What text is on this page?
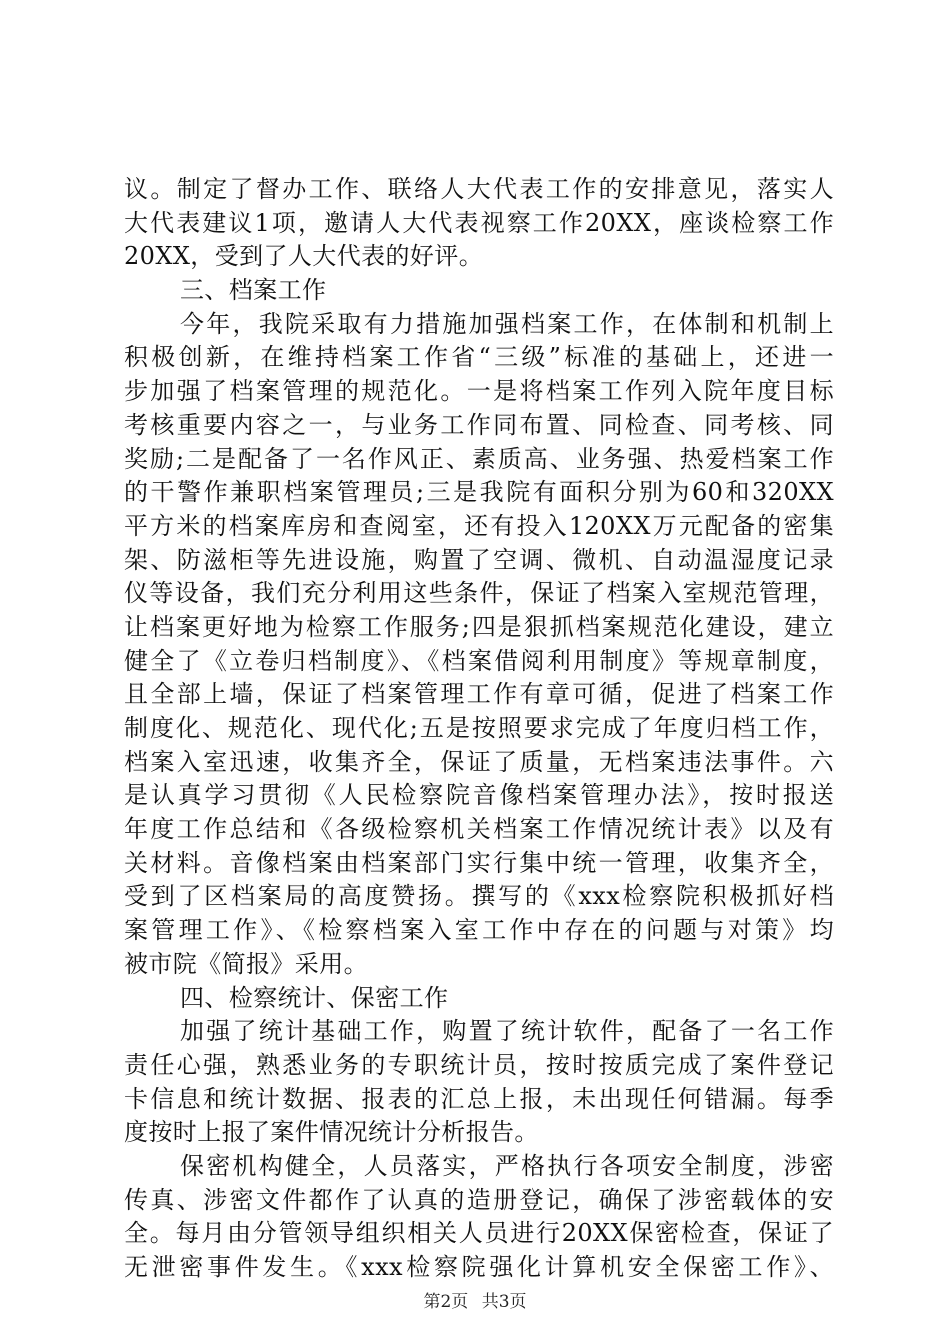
议。制定了督办工作、联络人大代表工作的安排意见，落实人
大代表建议1项，邀请人大代表视察工作20XX，座谈检察工作
20XX，受到了人大代表的好评。
三、档案工作
今年，我院采取有力措施加强档案工作，在体制和机制上
积极创新，在维持档案工作省“三级”标准的基础上，还进一
步加强了档案管理的规范化。一是将档案工作列入院年度目标
考核重要内容之一，与业务工作同布置、同检查、同考核、同
奖励;二是配备了一名作风正、素质高、业务强、热爱档案工作
的干警作兼职档案管理员;三是我院有面积分别为60和320XX
平方米的档案库房和查阅室，还有投入120XX万元配备的密集
架、防滋柜等先进设施，购置了空调、微机、自动温湿度记录
仪等设备，我们充分利用这些条件，保证了档案入室规范管理，
让档案更好地为检察工作服务;四是狠抓档案规范化建设，建立
健全了《立卷归档制度》、《档案借阅利用制度》等规章制度，
且全部上墙，保证了档案管理工作有章可循，促进了档案工作
制度化、规范化、现代化;五是按照要求完成了年度归档工作，
档案入室迅速，收集齐全，保证了质量，无档案违法事件。六
是认真学习贯彻《人民检察院音像档案管理办法》，按时报送
年度工作总结和《各级检察机关档案工作情况统计表》以及有
关材料。音像档案由档案部门实行集中统一管理，收集齐全，
受到了区档案局的高度赞扬。撰写的《xxx检察院积极抓好档
案管理工作》、《检察档案入室工作中存在的问题与对策》均
被市院《简报》采用。
四、检察统计、保密工作
加强了统计基础工作，购置了统计软件，配备了一名工作
责任心强，熟悉业务的专职统计员，按时按质完成了案件登记
卡信息和统计数据、报表的汇总上报，未出现任何错漏。每季
度按时上报了案件情况统计分析报告。
保密机构健全，人员落实，严格执行各项安全制度，涉密
传真、涉密文件都作了认真的造册登记，确保了涉密载体的安
全。每月由分管领导组织相关人员进行20XX保密检查，保证了
无泄密事件发生。《xxx检察院强化计算机安全保密工作》、
第2页 共3页
